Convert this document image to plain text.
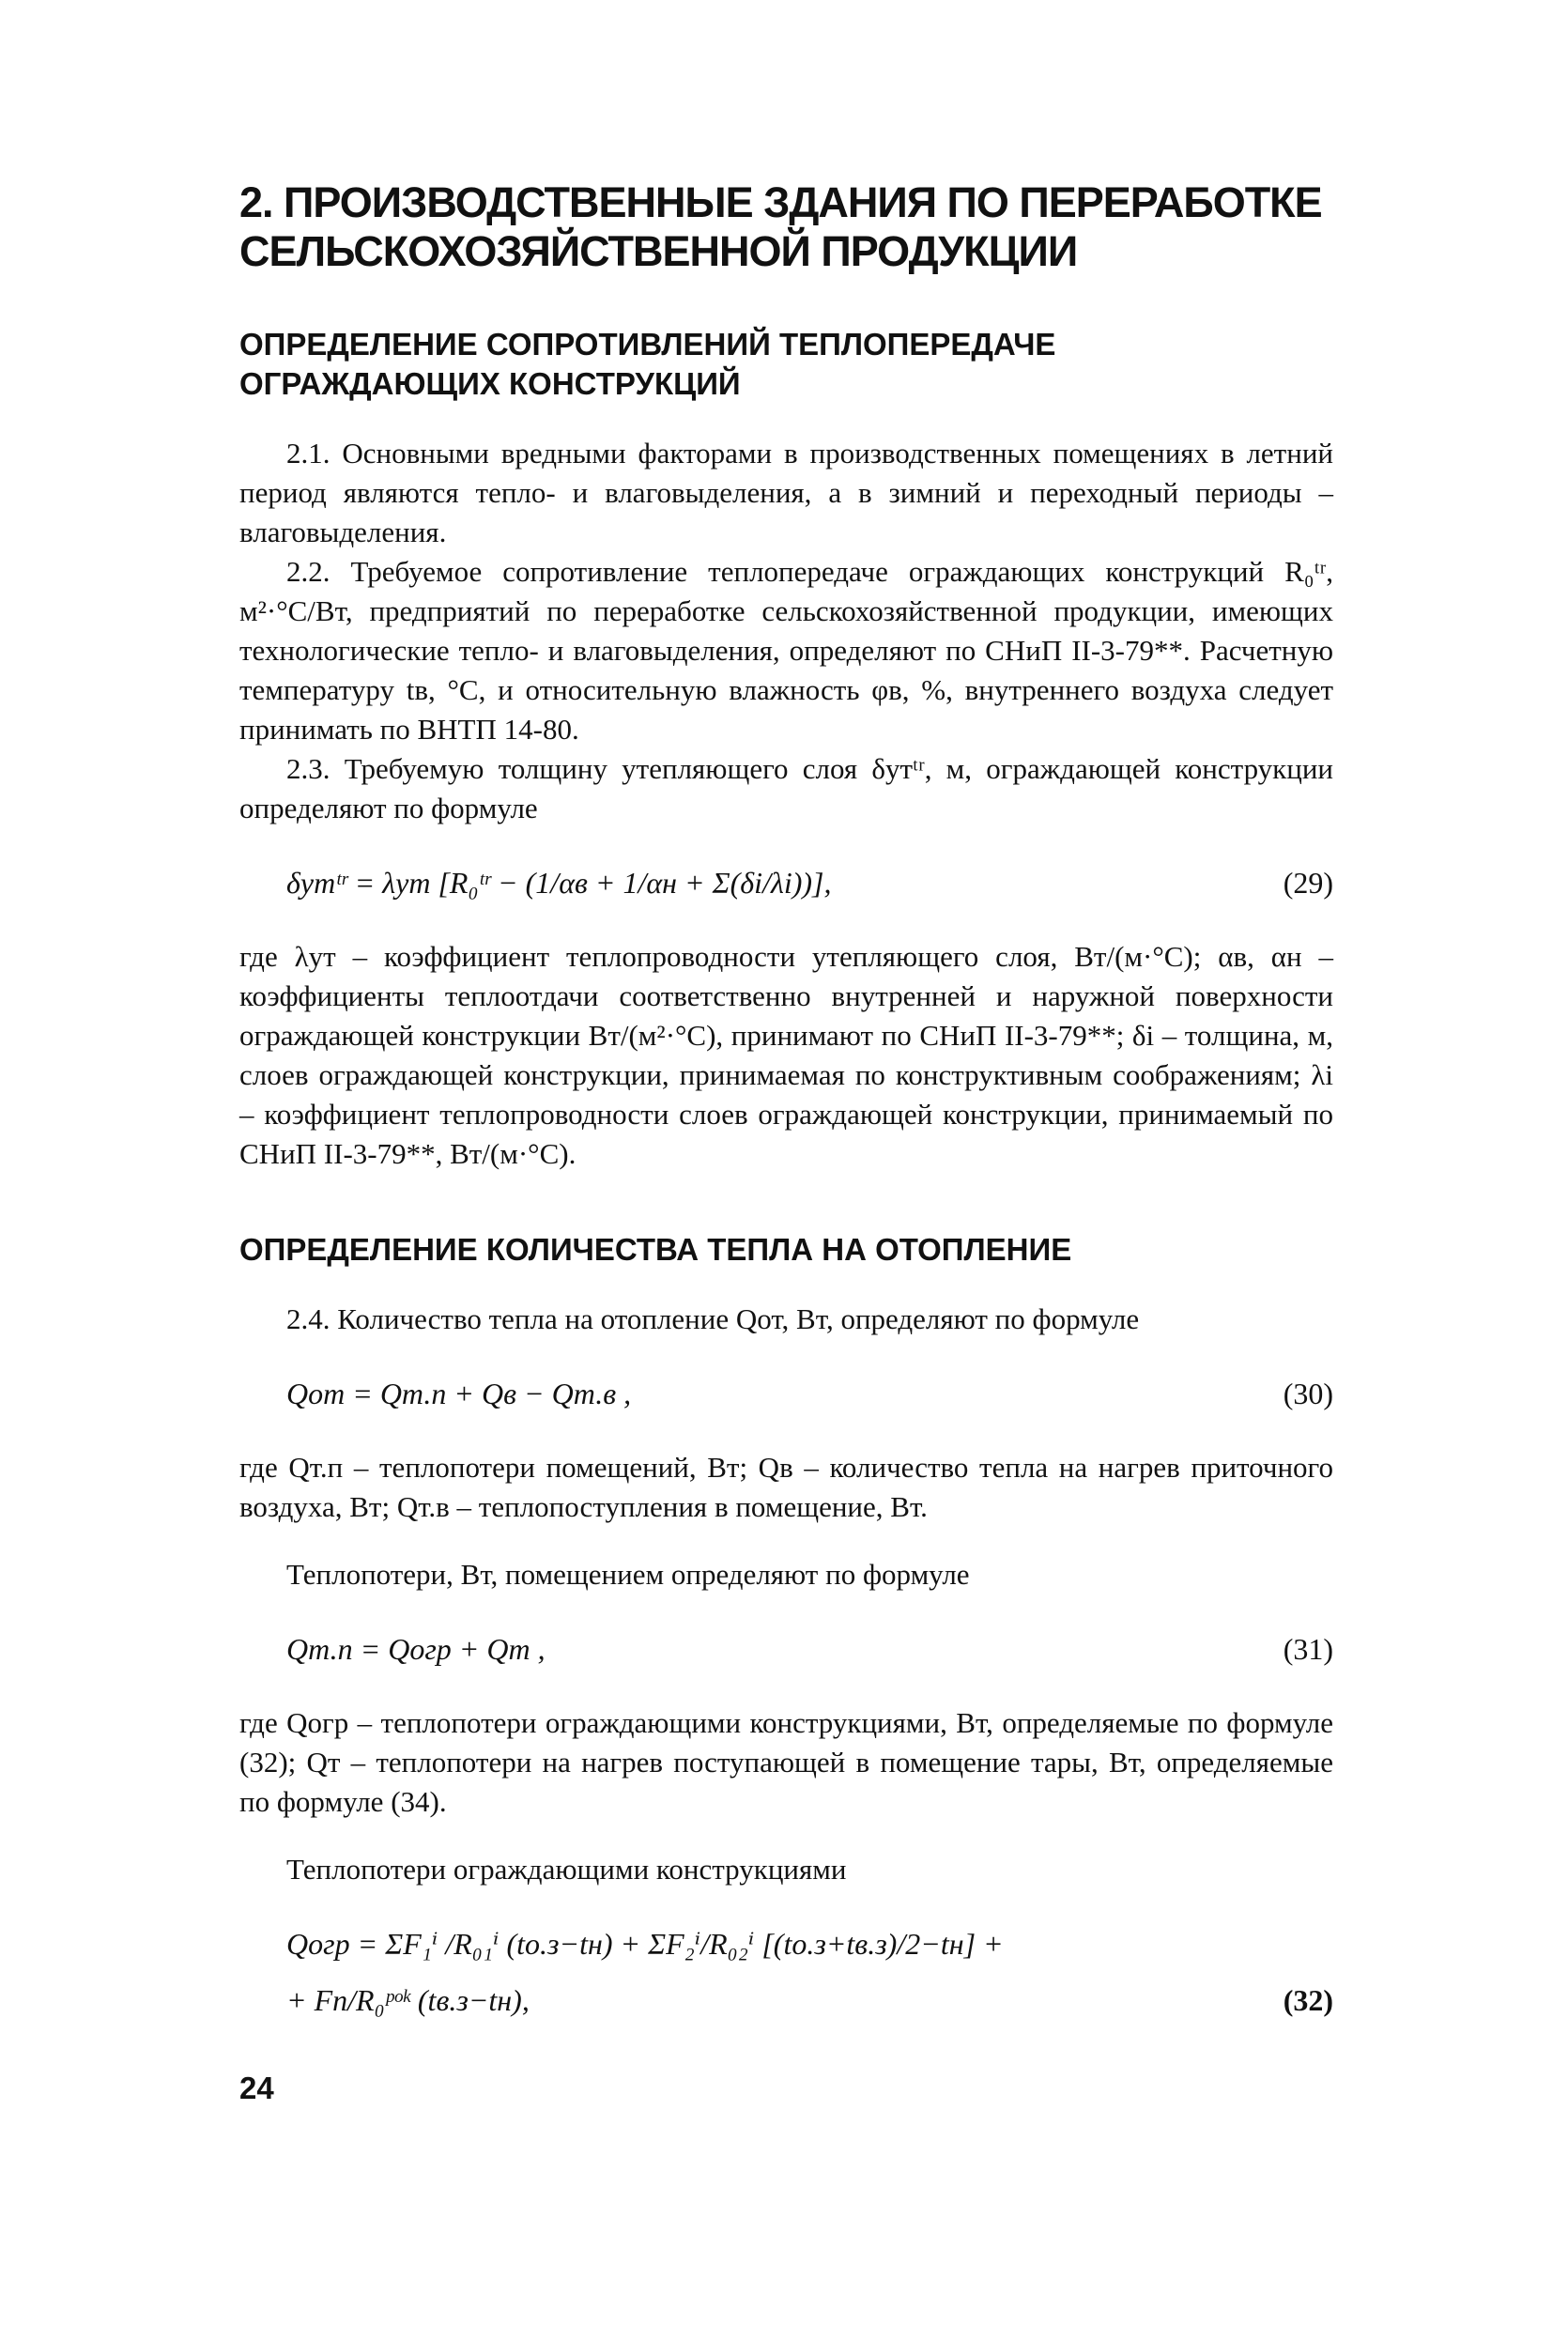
2. ПРОИЗВОДСТВЕННЫЕ ЗДАНИЯ ПО ПЕРЕРАБОТКЕ
СЕЛЬСКОХОЗЯЙСТВЕННОЙ ПРОДУКЦИИ
ОПРЕДЕЛЕНИЕ СОПРОТИВЛЕНИЙ ТЕПЛОПЕРЕДАЧЕ
ОГРАЖДАЮЩИХ КОНСТРУКЦИЙ

2.1. Основными вредными факторами в производственных помещениях в летний период являются тепло- и влаговыделения, а в зимний и переходный периоды – влаговыделения.

2.2. Требуемое сопротивление теплопередаче ограждающих конструкций R₀ᵗʳ, м²·°С/Вт, предприятий по переработке сельскохозяйственной продукции, имеющих технологические тепло- и влаговыделения, определяют по СНиП II-3-79**. Расчетную температуру tв, °С, и относительную влажность φв, %, внутреннего воздуха следует принимать по ВНТП 14-80.

2.3. Требуемую толщину утепляющего слоя δутᵗʳ, м, ограждающей конструкции определяют по формуле

δутᵗʳ = λут [R₀ᵗʳ − (1/αв + 1/αн + Σ(δi/λi))],	(29)

где λут – коэффициент теплопроводности утепляющего слоя, Вт/(м·°С); αв, αн – коэффициенты теплоотдачи соответственно внутренней и наружной поверхности ограждающей конструкции Вт/(м²·°С), принимают по СНиП II-3-79**; δi – толщина, м, слоев ограждающей конструкции, принимаемая по конструктивным соображениям; λi – коэффициент теплопроводности слоев ограждающей конструкции, принимаемый по СНиП II-3-79**, Вт/(м·°С).

ОПРЕДЕЛЕНИЕ КОЛИЧЕСТВА ТЕПЛА НА ОТОПЛЕНИЕ

2.4. Количество тепла на отопление Qот, Вт, определяют по формуле

Qот = Qт.п + Qв − Qт.в ,	(30)

где Qт.п – теплопотери помещений, Вт; Qв – количество тепла на нагрев приточного воздуха, Вт; Qт.в – теплопоступления в помещение, Вт.

Теплопотери, Вт, помещением определяют по формуле

Qт.п = Qогр + Qт ,	(31)

где Qогр – теплопотери ограждающими конструкциями, Вт, определяемые по формуле (32); Qт – теплопотери на нагрев поступающей в помещение тары, Вт, определяемые по формуле (34).

Теплопотери ограждающими конструкциями

Qогр = ΣF₁ⁱ /R₀₁ⁱ (tо.з−tн) + ΣF₂ⁱ/R₀₂ⁱ [(tо.з+tв.з)/2−tн] +
+ Fп/R₀ᵖᵒᵏ (tв.з−tн),	(32)
24
